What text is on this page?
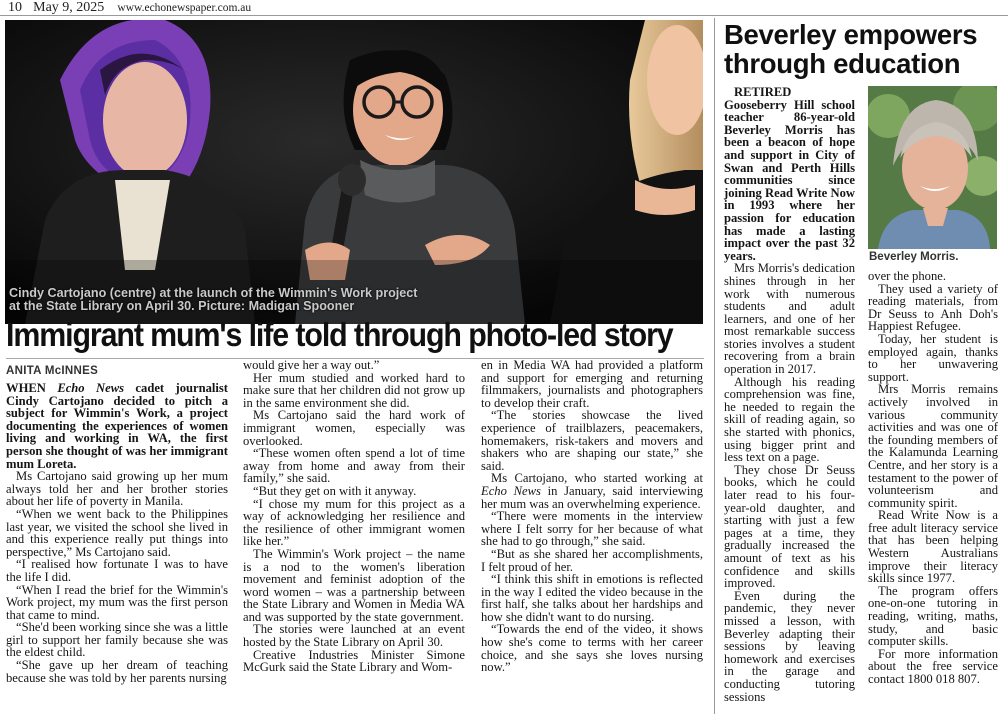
10 May 9, 2025 www.echonewspaper.com.au
Cindy Cartojano (centre) at the launch of the Wimmin's Work project
at the State Library on April 30. Picture: Madigan Spooner
Immigrant mum's life told through photo-led story
ANITA McINNES

WHEN Echo News cadet journalist Cindy Cartojano decided to pitch a subject for Wimmin's Work, a project documenting the experiences of women living and working in WA, the first person she thought of was her immigrant mum Loreta.

Ms Cartojano said growing up her mum always told her and her brother stories about her life of poverty in Manila.

“When we went back to the Philippines last year, we visited the school she lived in and this experience really put things into perspective,” Ms Cartojano said.

“I realised how fortunate I was to have the life I did.

“When I read the brief for the Wimmin's Work project, my mum was the first person that came to mind.

“She'd been working since she was a little girl to support her family because she was the eldest child.

“She gave up her dream of teaching because she was told by her parents nursing

would give her a way out.”

Her mum studied and worked hard to make sure that her children did not grow up in the same environment she did.

Ms Cartojano said the hard work of immigrant women, especially was overlooked.

“These women often spend a lot of time away from home and away from their family,” she said.

“But they get on with it anyway.

“I chose my mum for this project as a way of acknowledging her resilience and the resilience of other immigrant women like her.”

The Wimmin's Work project – the name is a nod to the women's liberation movement and feminist adoption of the word women – was a partnership between the State Library and Women in Media WA and was supported by the state government.

The stories were launched at an event hosted by the State Library on April 30.

Creative Industries Minister Simone McGurk said the State Library and Wom-

en in Media WA had provided a platform and support for emerging and returning filmmakers, journalists and photographers to develop their craft.

“The stories showcase the lived experience of trailblazers, peacemakers, homemakers, risk-takers and movers and shakers who are shaping our state,” she said.

Ms Cartojano, who started working at Echo News in January, said interviewing her mum was an overwhelming experience.

“There were moments in the interview where I felt sorry for her because of what she had to go through,” she said.

“But as she shared her accomplishments, I felt proud of her.

“I think this shift in emotions is reflected in the way I edited the video because in the first half, she talks about her hardships and how she didn't want to do nursing.

“Towards the end of the video, it shows how she's come to terms with her career choice, and she says she loves nursing now.”

Beverley empowers through education

RETIRED Gooseberry Hill school teacher 86-year-old Beverley Morris has been a beacon of hope and support in City of Swan and Perth Hills communities since joining Read Write Now in 1993 where her passion for education has made a lasting impact over the past 32 years.

Mrs Morris's dedication shines through in her work with numerous students and adult learners, and one of her most remarkable success stories involves a student recovering from a brain operation in 2017.

Although his reading comprehension was fine, he needed to regain the skill of reading again, so she started with phonics, using bigger print and less text on a page.

They chose Dr Seuss books, which he could later read to his four-year-old daughter, and starting with just a few pages at a time, they gradually increased the amount of text as his confidence and skills improved.

Even during the pandemic, they never missed a lesson, with Beverley adapting their sessions by leaving homework and exercises in the garage and conducting tutoring sessions

Beverley Morris.

over the phone.

They used a variety of reading materials, from Dr Seuss to Anh Doh's Happiest Refugee.

Today, her student is employed again, thanks to her unwavering support.

Mrs Morris remains actively involved in various community activities and was one of the founding members of the Kalamunda Learning Centre, and her story is a testament to the power of volunteerism and community spirit.

Read Write Now is a free adult literacy service that has been helping Western Australians improve their literacy skills since 1977.

The program offers one-on-one tutoring in reading, writing, maths, study, and basic computer skills.

For more information about the free service contact 1800 018 807.
